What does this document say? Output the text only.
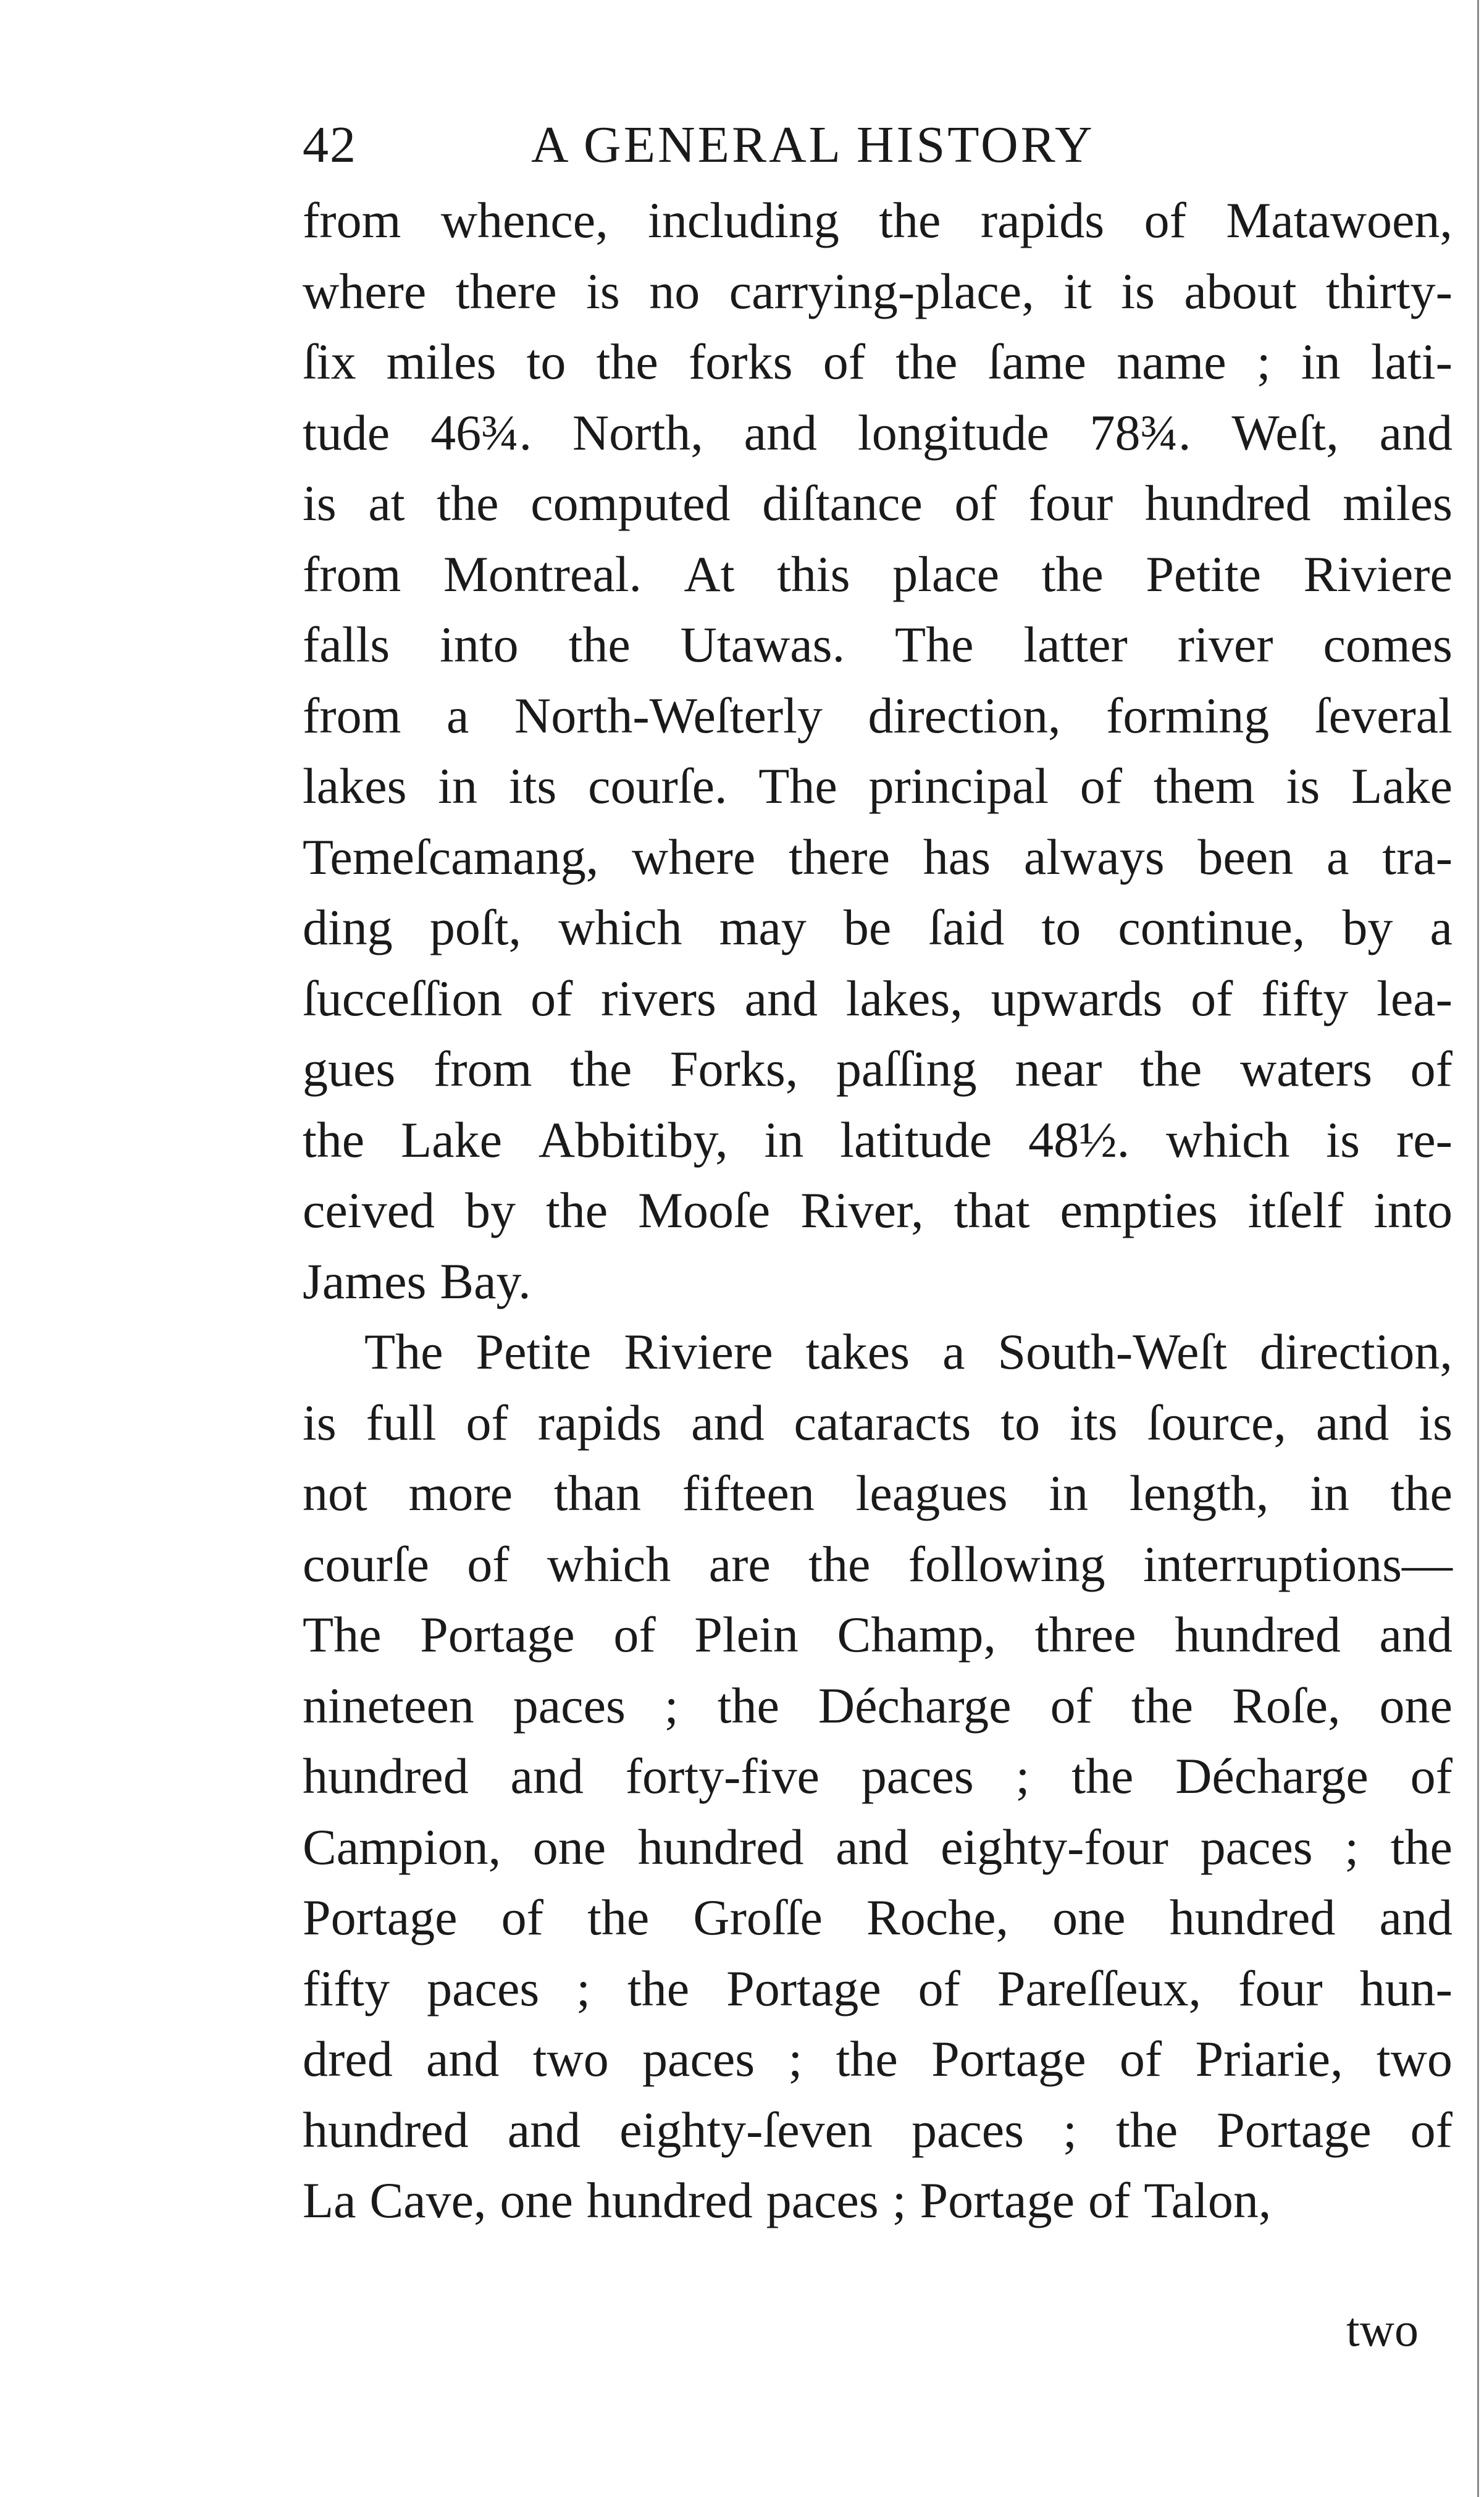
42	A GENERAL HISTORY
from whence, including the rapids of Matawoen,
where there is no carrying-place, it is about thirty-
ſix miles to the forks of the ſame name ; in lati-
tude 46¾. North, and longitude 78¾. Weſt, and
is at the computed diſtance of four hundred miles
from Montreal. At this place the Petite Riviere
falls into the Utawas. The latter river comes
from a North-Weſterly direction, forming ſeveral
lakes in its courſe. The principal of them is Lake
Temeſcamang, where there has always been a tra-
ding poſt, which may be ſaid to continue, by a
ſucceſſion of rivers and lakes, upwards of fifty lea-
gues from the Forks, paſſing near the waters of
the Lake Abbitiby, in latitude 48½. which is re-
ceived by the Mooſe River, that empties itſelf into
James Bay.
The Petite Riviere takes a South-Weſt direction,
is full of rapids and cataracts to its ſource, and is
not more than fifteen leagues in length, in the
courſe of which are the following interruptions—
The Portage of Plein Champ, three hundred and
nineteen paces ; the Décharge of the Roſe, one
hundred and forty-five paces ; the Décharge of
Campion, one hundred and eighty-four paces ; the
Portage of the Groſſe Roche, one hundred and
fifty paces ; the Portage of Pareſſeux, four hun-
dred and two paces ; the Portage of Priarie, two
hundred and eighty-ſeven paces ; the Portage of
La Cave, one hundred paces ; Portage of Talon,
two
